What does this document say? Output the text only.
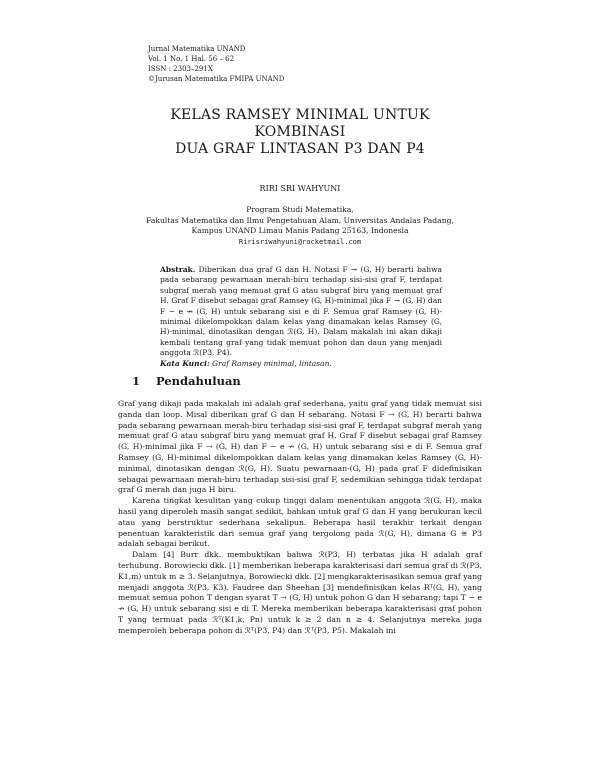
Jurnal Matematika UNAND
Vol. 1 No. 1 Hal. 56 – 62
ISSN : 2303–291X
©Jurusan Matematika FMIPA UNAND
KELAS RAMSEY MINIMAL UNTUK
KOMBINASI
DUA GRAF LINTASAN P3 DAN P4
RIRI SRI WAHYUNI
Program Studi Matematika,
Fakultas Matematika dan Ilmu Pengetahuan Alam, Universitas Andalas Padang,
Kampus UNAND Limau Manis Padang 25163, Indonesia
Ririsriwahyuni@rocketmail.com
Abstrak. Diberikan dua graf G dan H. Notasi F → (G, H) berarti bahwa pada sebarang pewarnaan merah-biru terhadap sisi-sisi graf F, terdapat subgraf merah yang memuat graf G atau subgraf biru yang memuat graf H. Graf F disebut sebagai graf Ramsey (G, H)-minimal jika F → (G, H) dan F − e ↛ (G, H) untuk sebarang sisi e di F. Semua graf Ramsey (G, H)-minimal dikelompokkan dalam kelas yang dinamakan kelas Ramsey (G, H)-minimal, dinotasikan dengan ℛ(G, H). Dalam makalah ini akan dikaji kembali tentang graf yang tidak memuat pohon dan daun yang menjadi anggota ℛ(P3, P4).
Kata Kunci: Graf Ramsey minimal, lintasan.
1 Pendahuluan

Graf yang dikaji pada makalah ini adalah graf sederhana, yaitu graf yang tidak memuat sisi ganda dan loop. Misal diberikan graf G dan H sebarang. Notasi F → (G, H) berarti bahwa pada sebarang pewarnaan merah-biru terhadap sisi-sisi graf F, terdapat subgraf merah yang memuat graf G atau subgraf biru yang memuat graf H. Graf F disebut sebagai graf Ramsey (G, H)-minimal jika F → (G, H) dan F − e ↛ (G, H) untuk sebarang sisi e di F. Semua graf Ramsey (G, H)-minimal dikelompokkan dalam kelas yang dinamakan kelas Ramsey (G, H)-minimal, dinotasikan dengan ℛ(G, H). Suatu pewarnaan-(G, H) pada graf F didefinisikan sebagai pewarnaan merah-biru terhadap sisi-sisi graf F, sedemikian sehingga tidak terdapat graf G merah dan juga H biru.

Karena tingkat kesulitan yang cukup tinggi dalam menentukan anggota ℛ(G, H), maka hasil yang diperoleh masih sangat sedikit, bahkan untuk graf G dan H yang berukuran kecil atau yang berstruktur sederhana sekalipun. Beberapa hasil terakhir terkait dengan penentuan karakteristik dari semua graf yang tergolong pada ℛ(G, H), dimana G ≅ P3 adalah sebagai berikut.

Dalam [4] Burr dkk. membuktikan bahwa ℛ(P3, H) terbatas jika H adalah graf terhubung. Borowiecki dkk. [1] memberikan beberapa karakterisasi dari semua graf di ℛ(P3, K1,m) untuk m ≥ 3. Selanjutnya, Borowiecki dkk. [2] mengkarakterisasikan semua graf yang menjadi anggota ℛ(P3, K3). Faudree dan Sheehan [3] mendefinisikan kelas Rᵀ(G, H), yang memuat semua pohon T dengan syarat T → (G, H) untuk pohon G dan H sebarang; tapi T − e ↛ (G, H) untuk sebarang sisi e di T. Mereka memberikan beberapa karakterisasi graf pohon T yang termuat pada ℛᵀ(K1,k, Pn) untuk k ≥ 2 dan n ≥ 4. Selanjutnya mereka juga memperoleh beberapa pohon di ℛᵀ(P3, P4) dan ℛᵀ(P3, P5). Makalah ini
